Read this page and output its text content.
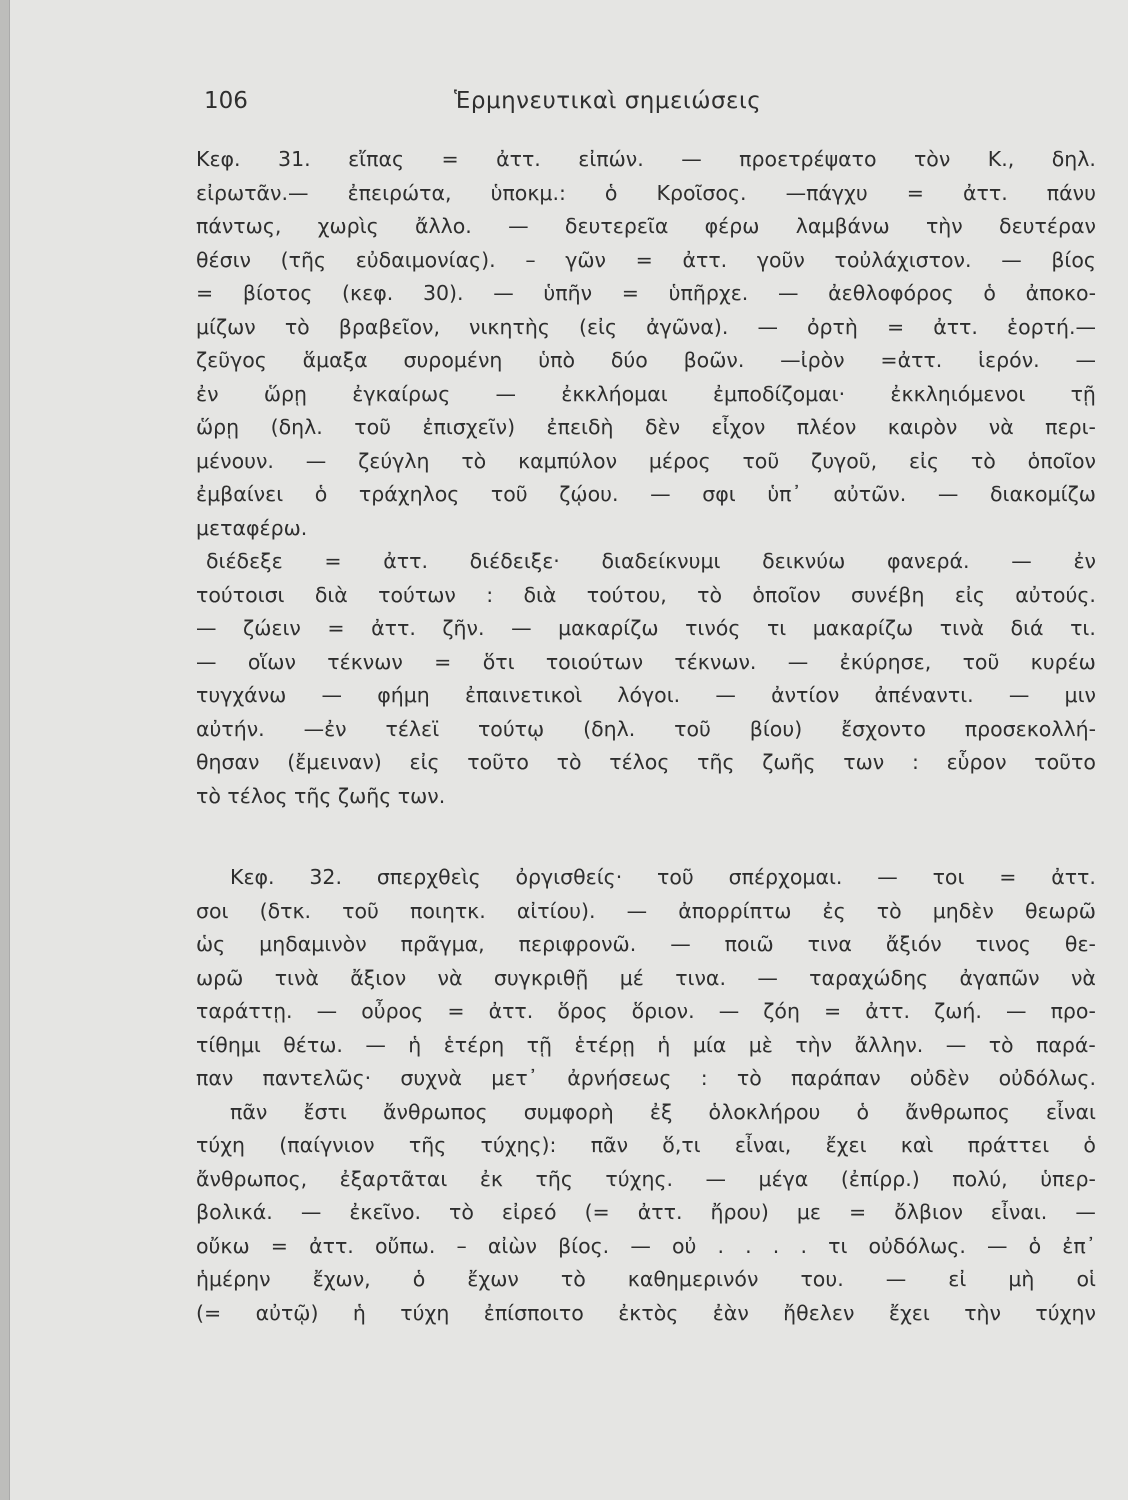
106	Ἑρμηνευτικαὶ σημειώσεις
Κεφ. 31. εἴπας = ἀττ. εἰπών. — προετρέψατο τὸν Κ., δηλ.
εἰρωτᾶν.— ἐπειρώτα, ὑποκμ.: ὁ Κροῖσος. —πάγχυ = ἀττ. πάνυ
πάντως, χωρὶς ἄλλο. — δευτερεῖα φέρω λαμβάνω τὴν δευτέραν
θέσιν (τῆς εὐδαιμονίας). – γῶν = ἀττ. γοῦν τοὐλάχιστον. — βίος
= βίοτος (κεφ. 30). — ὑπῆν = ὑπῆρχε. — ἀεθλοφόρος ὁ ἀποκο-
μίζων τὸ βραβεῖον, νικητὴς (εἰς ἀγῶνα). — ὀρτὴ = ἀττ. ἑορτή.—
ζεῦγος ἅμαξα συρομένη ὑπὸ δύο βοῶν. —ἰρὸν =ἀττ. ἱερόν. —
ἐν ὥρῃ ἐγκαίρως — ἐκκλήομαι ἐμποδίζομαι· ἐκκληιόμενοι τῇ
ὥρῃ (δηλ. τοῦ ἐπισχεῖν) ἐπειδὴ δὲν εἶχον πλέον καιρὸν νὰ περι-
μένουν. — ζεύγλη τὸ καμπύλον μέρος τοῦ ζυγοῦ, εἰς τὸ ὁποῖον
ἐμβαίνει ὁ τράχηλος τοῦ ζῴου. — σφι ὑπ᾿ αὐτῶν. — διακομίζω
μεταφέρω.
διέδεξε = ἀττ. διέδειξε· διαδείκνυμι δεικνύω φανερά. — ἐν
τούτοισι διὰ τούτων : διὰ τούτου, τὸ ὁποῖον συνέβη εἰς αὐτούς.
— ζώειν = ἀττ. ζῆν. — μακαρίζω τινός τι μακαρίζω τινὰ διά τι.
— οἵων τέκνων = ὅτι τοιούτων τέκνων. — ἐκύρησε, τοῦ κυρέω
τυγχάνω — φήμη ἐπαινετικοὶ λόγοι. — ἀντίον ἀπέναντι. — μιν
αὐτήν. —ἐν τέλεϊ τούτῳ (δηλ. τοῦ βίου) ἔσχοντο προσεκολλή-
θησαν (ἔμειναν) εἰς τοῦτο τὸ τέλος τῆς ζωῆς των : εὗρον τοῦτο
τὸ τέλος τῆς ζωῆς των.
Κεφ. 32. σπερχθεὶς ὀργισθείς· τοῦ σπέρχομαι. — τοι = ἀττ.
σοι (δτκ. τοῦ ποιητκ. αἰτίου). — ἀπορρίπτω ἐς τὸ μηδὲν θεωρῶ
ὡς μηδαμινὸν πρᾶγμα, περιφρονῶ. — ποιῶ τινα ἄξιόν τινος θε-
ωρῶ τινὰ ἄξιον νὰ συγκριθῇ μέ τινα. — ταραχώδης ἀγαπῶν νὰ
ταράττῃ. — οὖρος = ἀττ. ὅρος ὅριον. — ζόη = ἀττ. ζωή. — προ-
τίθημι θέτω. — ἡ ἑτέρη τῇ ἑτέρῃ ἡ μία μὲ τὴν ἄλλην. — τὸ παρά-
παν παντελῶς· συχνὰ μετ᾿ ἀρνήσεως : τὸ παράπαν οὐδὲν οὐδόλως.
πᾶν ἔστι ἄνθρωπος συμφορὴ ἐξ ὁλοκλήρου ὁ ἄνθρωπος εἶναι
τύχη (παίγνιον τῆς τύχης): πᾶν ὅ,τι εἶναι, ἔχει καὶ πράττει ὁ
ἄνθρωπος, ἐξαρτᾶται ἐκ τῆς τύχης. — μέγα (ἐπίρρ.) πολύ, ὑπερ-
βολικά. — ἐκεῖνο. τὸ εἰρεό (= ἀττ. ἤρου) με = ὄλβιον εἶναι. —
οὔκω = ἀττ. οὔπω. – αἰὼν βίος. — οὐ . . . . τι οὐδόλως. — ὁ ἐπ᾿
ἡμέρην ἔχων, ὁ ἔχων τὸ καθημερινόν του. — εἰ μὴ οἱ
(= αὐτῷ) ἡ τύχη ἐπίσποιτο ἐκτὸς ἐὰν ἤθελεν ἔχει τὴν τύχην
